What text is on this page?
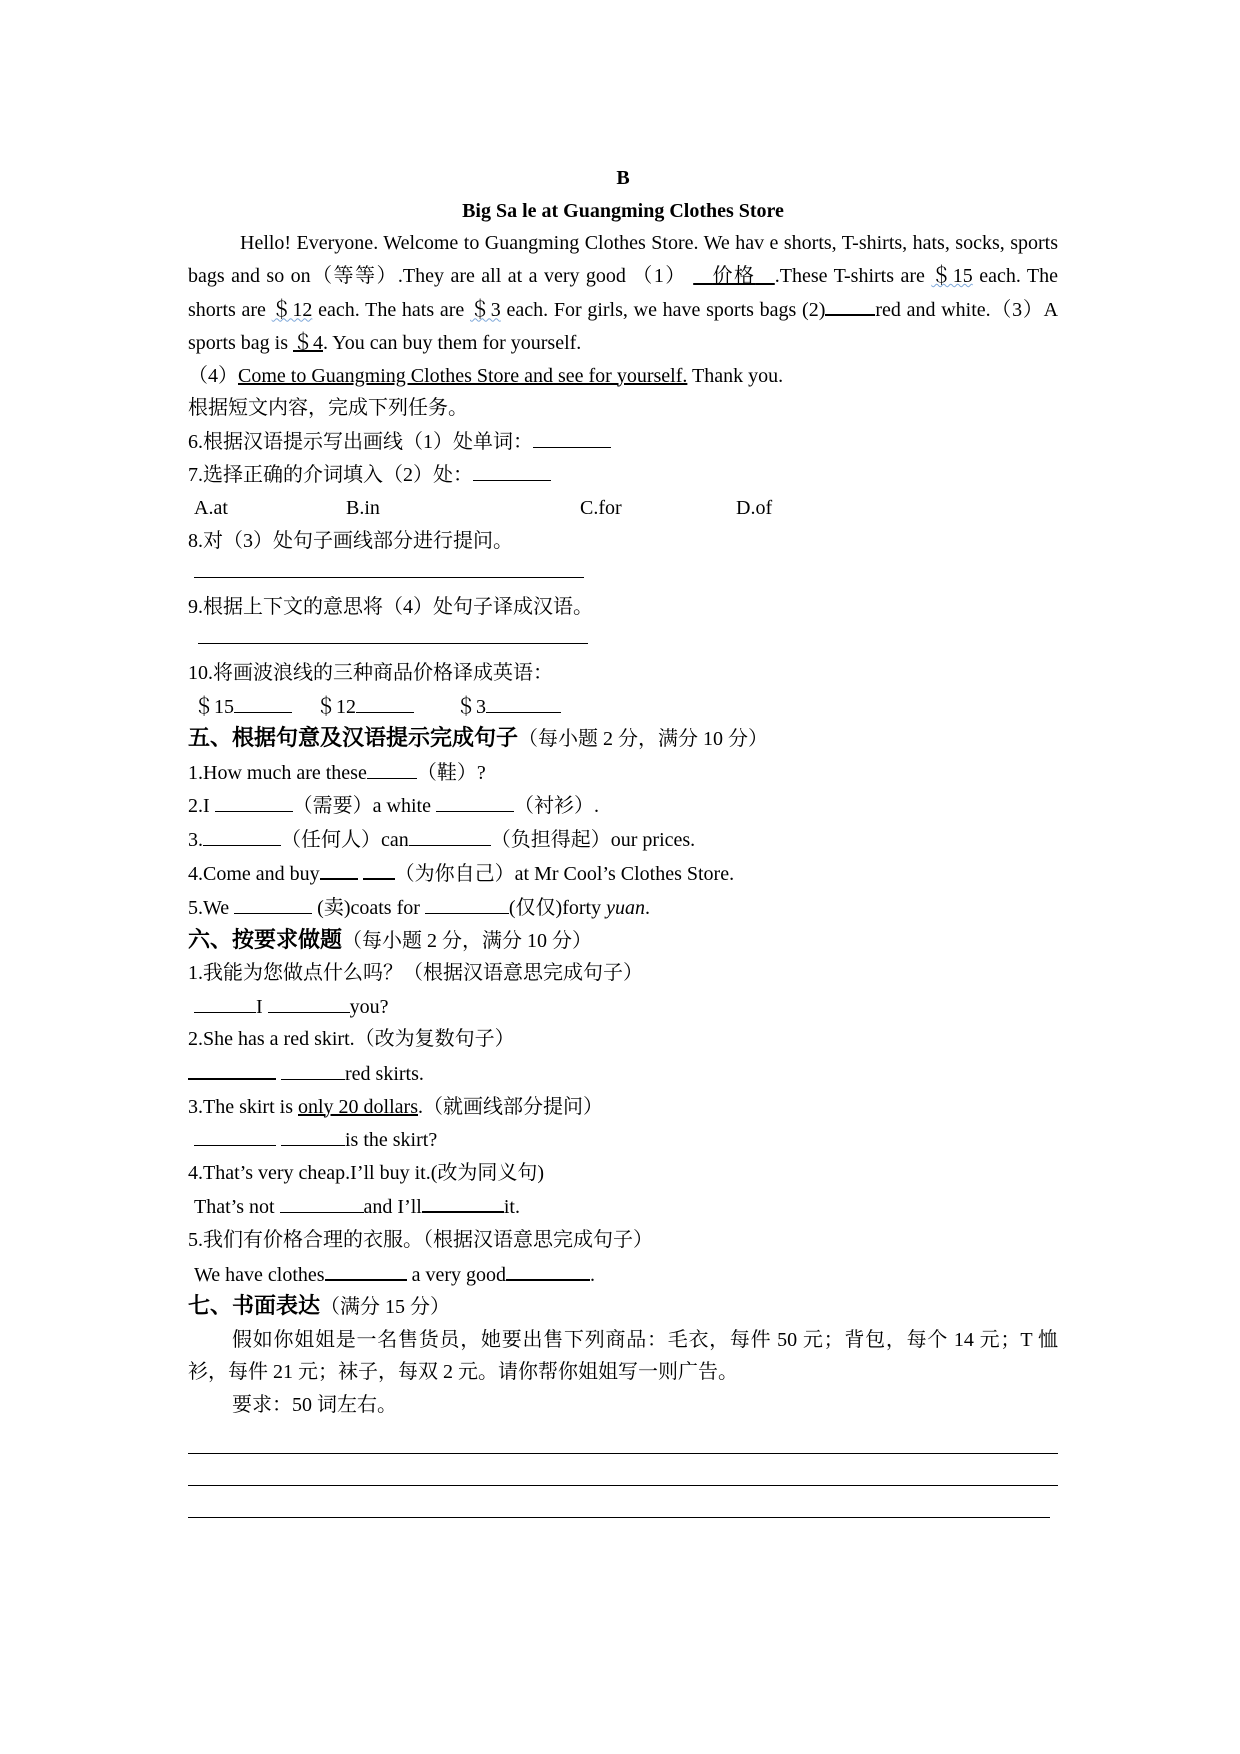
B
Big Sa le at Guangming Clothes Store
Hello! Everyone. Welcome to Guangming Clothes Store. We hav e shorts, T-shirts, hats, socks, sports bags and so on（等等）.They are all at a very good （1） 价格 .These T-shirts are ＄15 each. The shorts are ＄12 each. The hats are ＄3 each. For girls, we have sports bags (2)	red and white.（3）A sports bag is ＄4. You can buy them for yourself.
（4）Come to Guangming Clothes Store and see for yourself. Thank you.
根据短文内容，完成下列任务。
6.根据汉语提示写出画线（1）处单词：
7.选择正确的介词填入（2）处：
A.at	B.in	C.for	D.of
8.对（3）处句子画线部分进行提问。
9.根据上下文的意思将（4）处句子译成汉语。
10.将画波浪线的三种商品价格译成英语：
＄15	＄12	＄3
五、根据句意及汉语提示完成句子（每小题 2 分，满分 10 分）
1.How much are these	（鞋）?
2.I	（需要）a white	（衬衫）.
3.	（任何人）can	（负担得起）our prices.
4.Come and buy	（为你自己）at Mr Cool’s Clothes Store.
5.We	(卖)coats for	(仅仅)forty yuan.
六、按要求做题（每小题 2 分，满分 10 分）
1.我能为您做点什么吗？（根据汉语意思完成句子）
I	you?
2.She has a red skirt.（改为复数句子）
red skirts.
3.The skirt is only 20 dollars.（就画线部分提问）
is the skirt?
4.That’s very cheap.I’ll buy it.(改为同义句)
That’s not	and I’ll	it.
5.我们有价格合理的衣服。（根据汉语意思完成句子）
We have clothes	a very good	.
七、书面表达（满分 15 分）
假如你姐姐是一名售货员，她要出售下列商品：毛衣，每件 50 元；背包，每个 14 元；T 恤衫，每件 21 元；袜子，每双 2 元。请你帮你姐姐写一则广告。
要求：50 词左右。
